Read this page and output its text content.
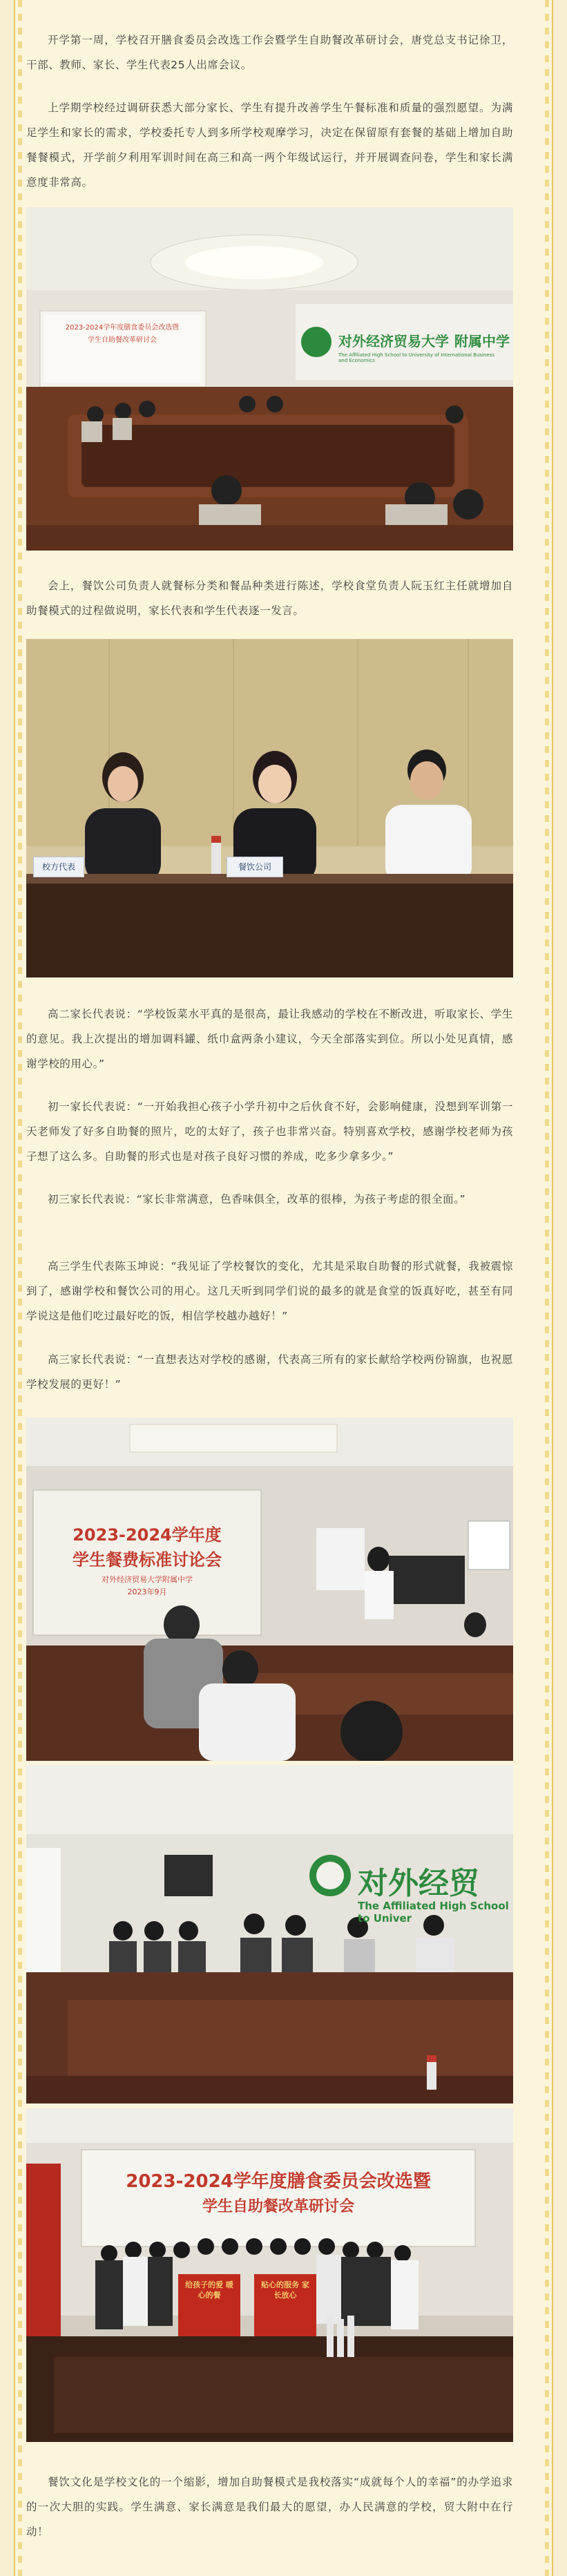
开学第一周，学校召开膳食委员会改选工作会暨学生自助餐改革研讨会，唐党总支书记徐卫，干部、教师、家长、学生代表25人出席会议。

上学期学校经过调研获悉大部分家长、学生有提升改善学生午餐标准和质量的强烈愿望。为满足学生和家长的需求，学校委托专人到多所学校观摩学习，决定在保留原有套餐的基础上增加自助餐餐模式，开学前夕利用军训时间在高三和高一两个年级试运行，并开展调查问卷，学生和家长满意度非常高。

2023-2024学年度膳食委员会改选暨
学生自助餐改革研讨会	对外经济贸易大学 附属中学
The Affiliated High School to University of International Business and Economics

会上，餐饮公司负责人就餐标分类和餐品种类进行陈述，学校食堂负责人阮玉红主任就增加自助餐模式的过程做说明，家长代表和学生代表逐一发言。

校方代表	餐饮公司

高二家长代表说：“学校饭菜水平真的是很高，最让我感动的学校在不断改进，听取家长、学生的意见。我上次提出的增加调料罐、纸巾盒两条小建议，今天全部落实到位。所以小处见真情，感谢学校的用心。”

初一家长代表说：“一开始我担心孩子小学升初中之后伙食不好，会影响健康，没想到军训第一天老师发了好多自助餐的照片，吃的太好了，孩子也非常兴奋。特别喜欢学校，感谢学校老师为孩子想了这么多。自助餐的形式也是对孩子良好习惯的养成，吃多少拿多少。”

初三家长代表说：“家长非常满意，色香味俱全，改革的很棒，为孩子考虑的很全面。”

高三学生代表陈玉坤说：“我见证了学校餐饮的变化，尤其是采取自助餐的形式就餐，我被震惊到了，感谢学校和餐饮公司的用心。这几天听到同学们说的最多的就是食堂的饭真好吃，甚至有同学说这是他们吃过最好吃的饭，相信学校越办越好！”

高三家长代表说：“一直想表达对学校的感谢，代表高三所有的家长献给学校两份锦旗，也祝愿学校发展的更好！”

2023-2024学年度
学生餐费标准讨论会
对外经济贸易大学附属中学
2023年9月
对外经贸
The Affiliated High School to Univer
2023-2024学年度膳食委员会改选暨
学生自助餐改革研讨会
给孩子的爱 暖心的餐
贴心的服务 家长放心

餐饮文化是学校文化的一个缩影，增加自助餐模式是我校落实“成就每个人的幸福”的办学追求的一次大胆的实践。学生满意、家长满意是我们最大的愿望，办人民满意的学校，贸大附中在行动！
